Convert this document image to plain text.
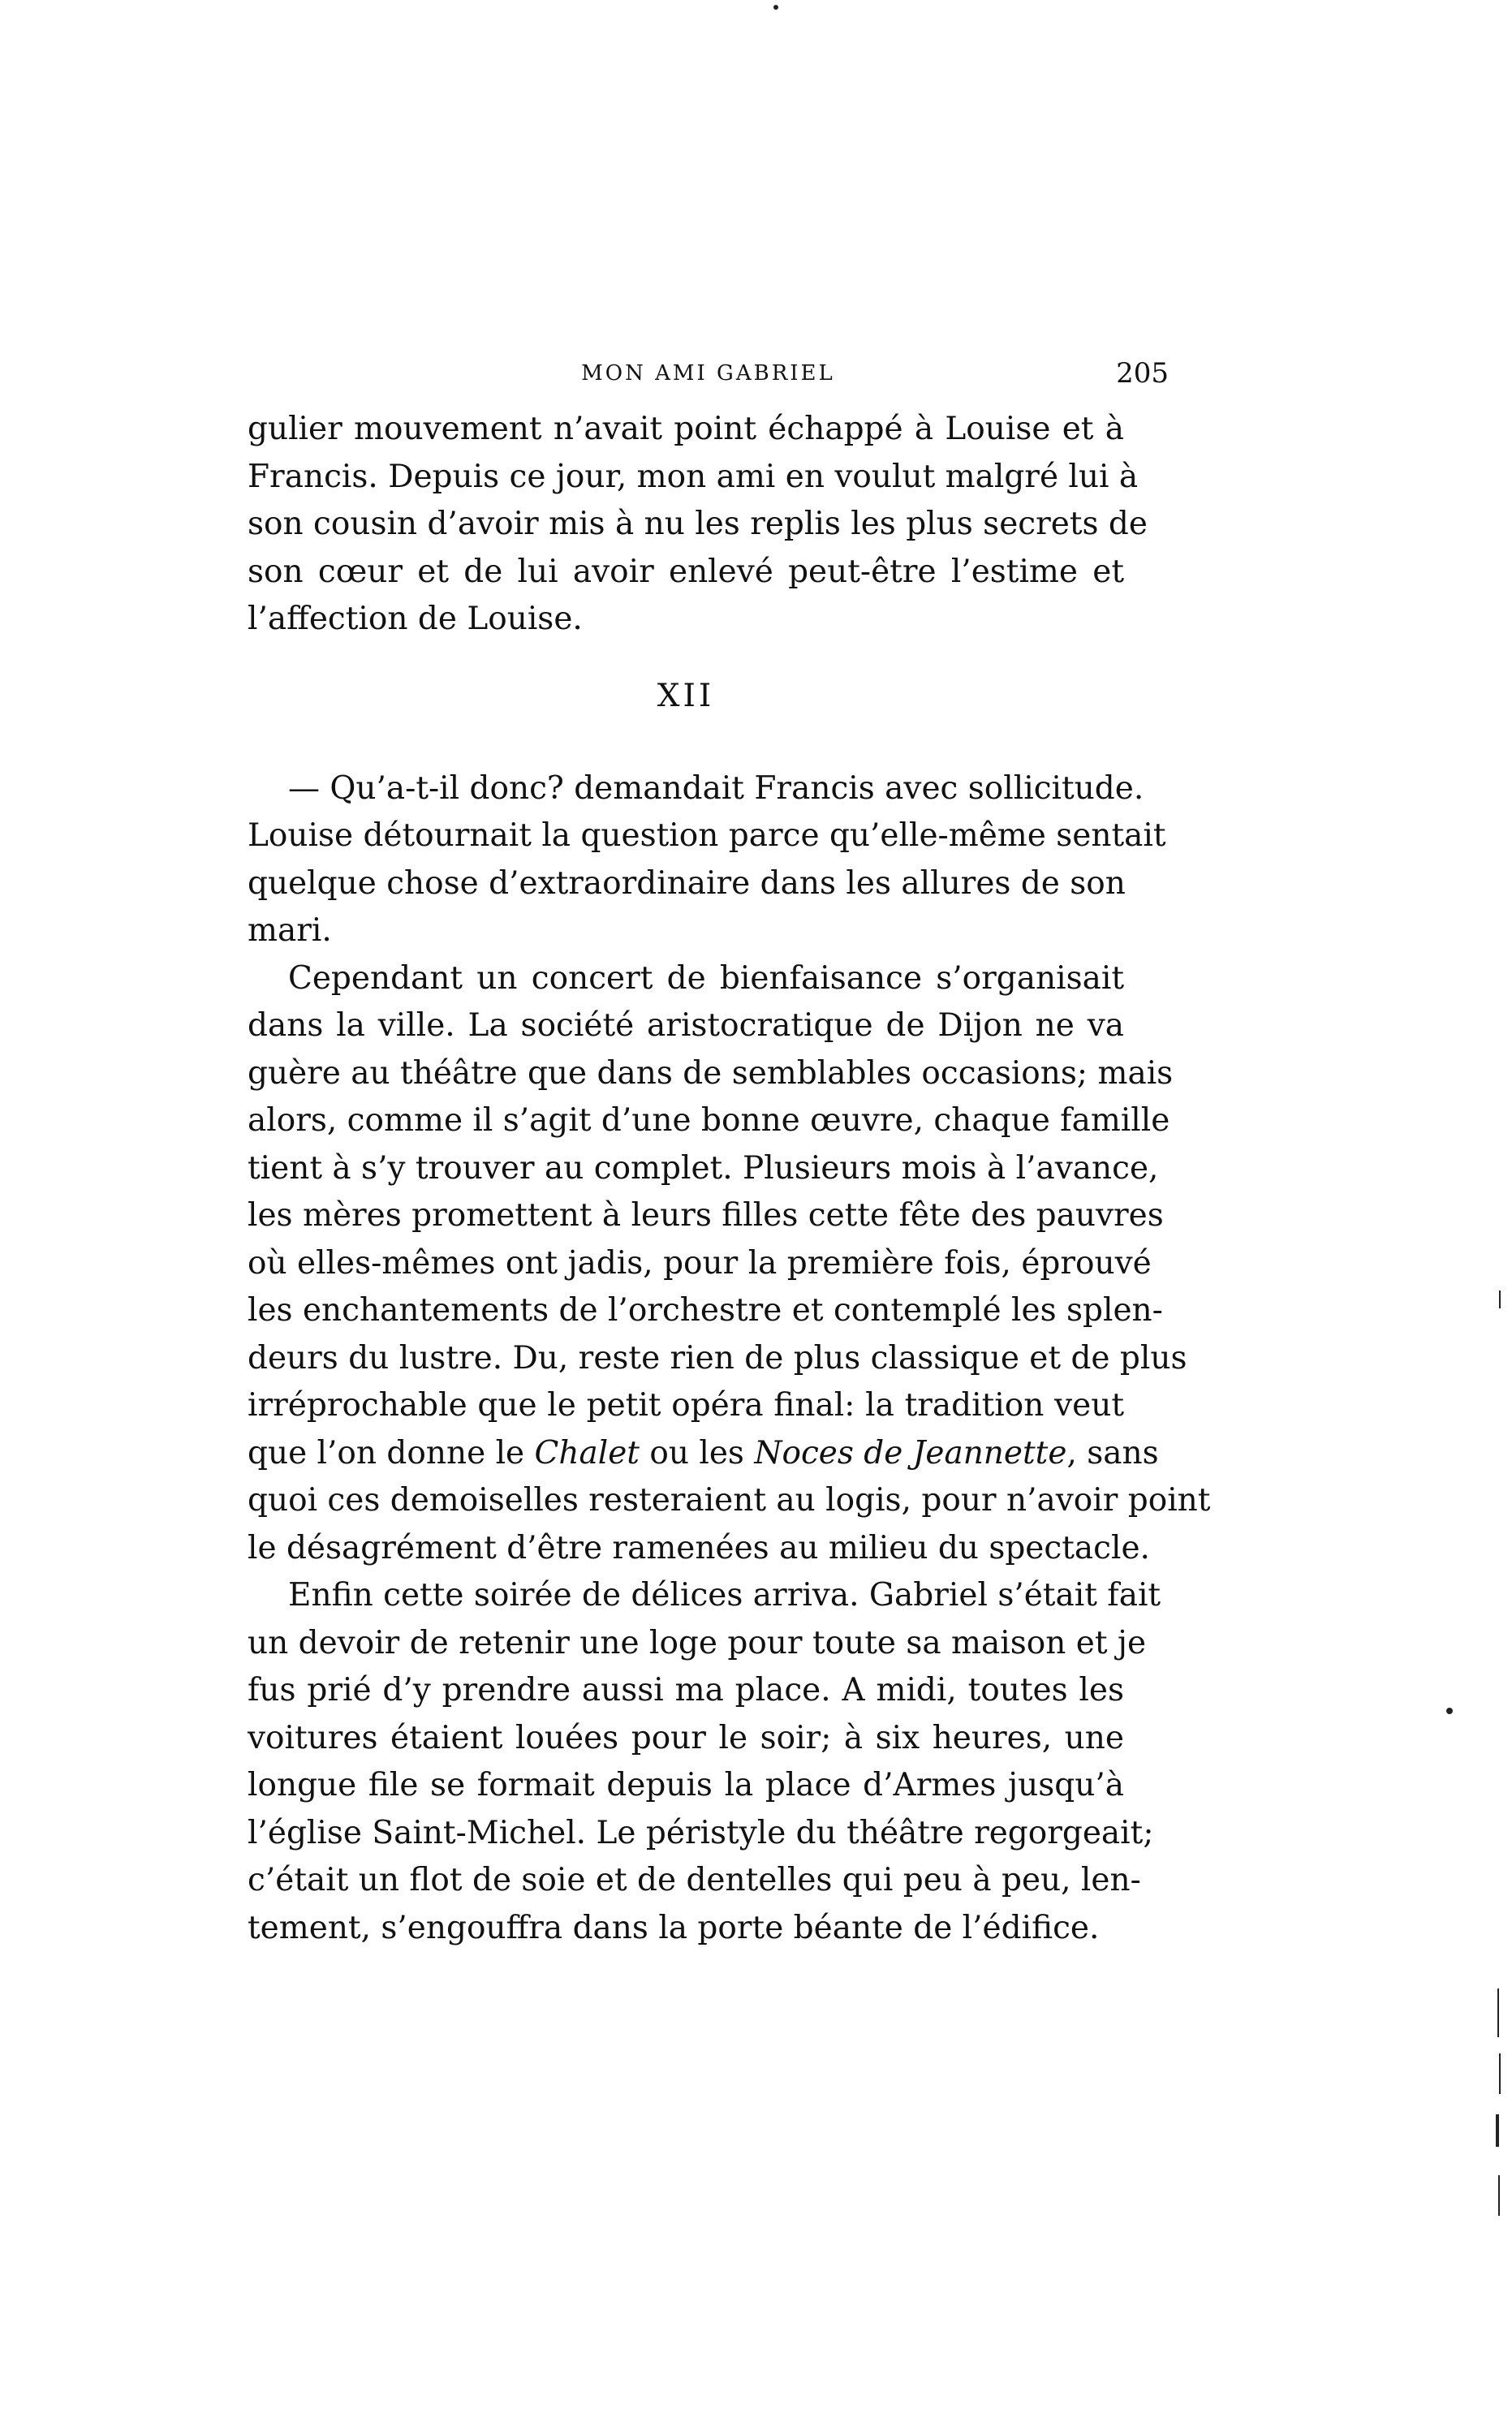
MON AMI GABRIEL	205
gulier mouvement n’avait point échappé à Louise et à
Francis. Depuis ce jour, mon ami en voulut malgré lui à
son cousin d’avoir mis à nu les replis les plus secrets de
son cœur et de lui avoir enlevé peut-être l’estime et
l’affection de Louise.
XII
— Qu’a-t-il donc? demandait Francis avec sollicitude.
Louise détournait la question parce qu’elle-même sentait
quelque chose d’extraordinaire dans les allures de son
mari.
Cependant un concert de bienfaisance s’organisait
dans la ville. La société aristocratique de Dijon ne va
guère au théâtre que dans de semblables occasions; mais
alors, comme il s’agit d’une bonne œuvre, chaque famille
tient à s’y trouver au complet. Plusieurs mois à l’avance,
les mères promettent à leurs filles cette fête des pauvres
où elles-mêmes ont jadis, pour la première fois, éprouvé
les enchantements de l’orchestre et contemplé les splen-
deurs du lustre. Du, reste rien de plus classique et de plus
irréprochable que le petit opéra final: la tradition veut
que l’on donne le Chalet ou les Noces de Jeannette, sans
quoi ces demoiselles resteraient au logis, pour n’avoir point
le désagrément d’être ramenées au milieu du spectacle.
Enfin cette soirée de délices arriva. Gabriel s’était fait
un devoir de retenir une loge pour toute sa maison et je
fus prié d’y prendre aussi ma place. A midi, toutes les
voitures étaient louées pour le soir; à six heures, une
longue file se formait depuis la place d’Armes jusqu’à
l’église Saint-Michel. Le péristyle du théâtre regorgeait;
c’était un flot de soie et de dentelles qui peu à peu, len-
tement, s’engouffra dans la porte béante de l’édifice.
